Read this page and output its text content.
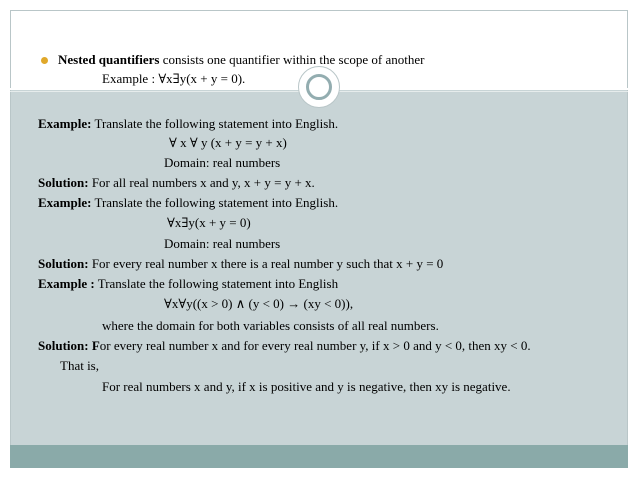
Nested quantifiers consists one quantifier within the scope of another
Example : ∀x∃y(x + y = 0).
Example: Translate the following statement into English.
∀ x ∀ y (x + y = y + x)
Domain: real numbers
Solution: For all real numbers x and y, x + y = y + x.
Example: Translate the following statement into English.
∀x∃y(x + y = 0)
Domain: real numbers
Solution: For every real number x there is a real number y such that x + y = 0
Example : Translate the following statement into English
∀x∀y((x > 0) ∧ (y < 0) → (xy < 0)),
where the domain for both variables consists of all real numbers.
Solution: For every real number x and for every real number y, if x > 0 and y < 0, then xy < 0.
That is,
For real numbers x and y, if x is positive and y is negative, then xy is negative.
